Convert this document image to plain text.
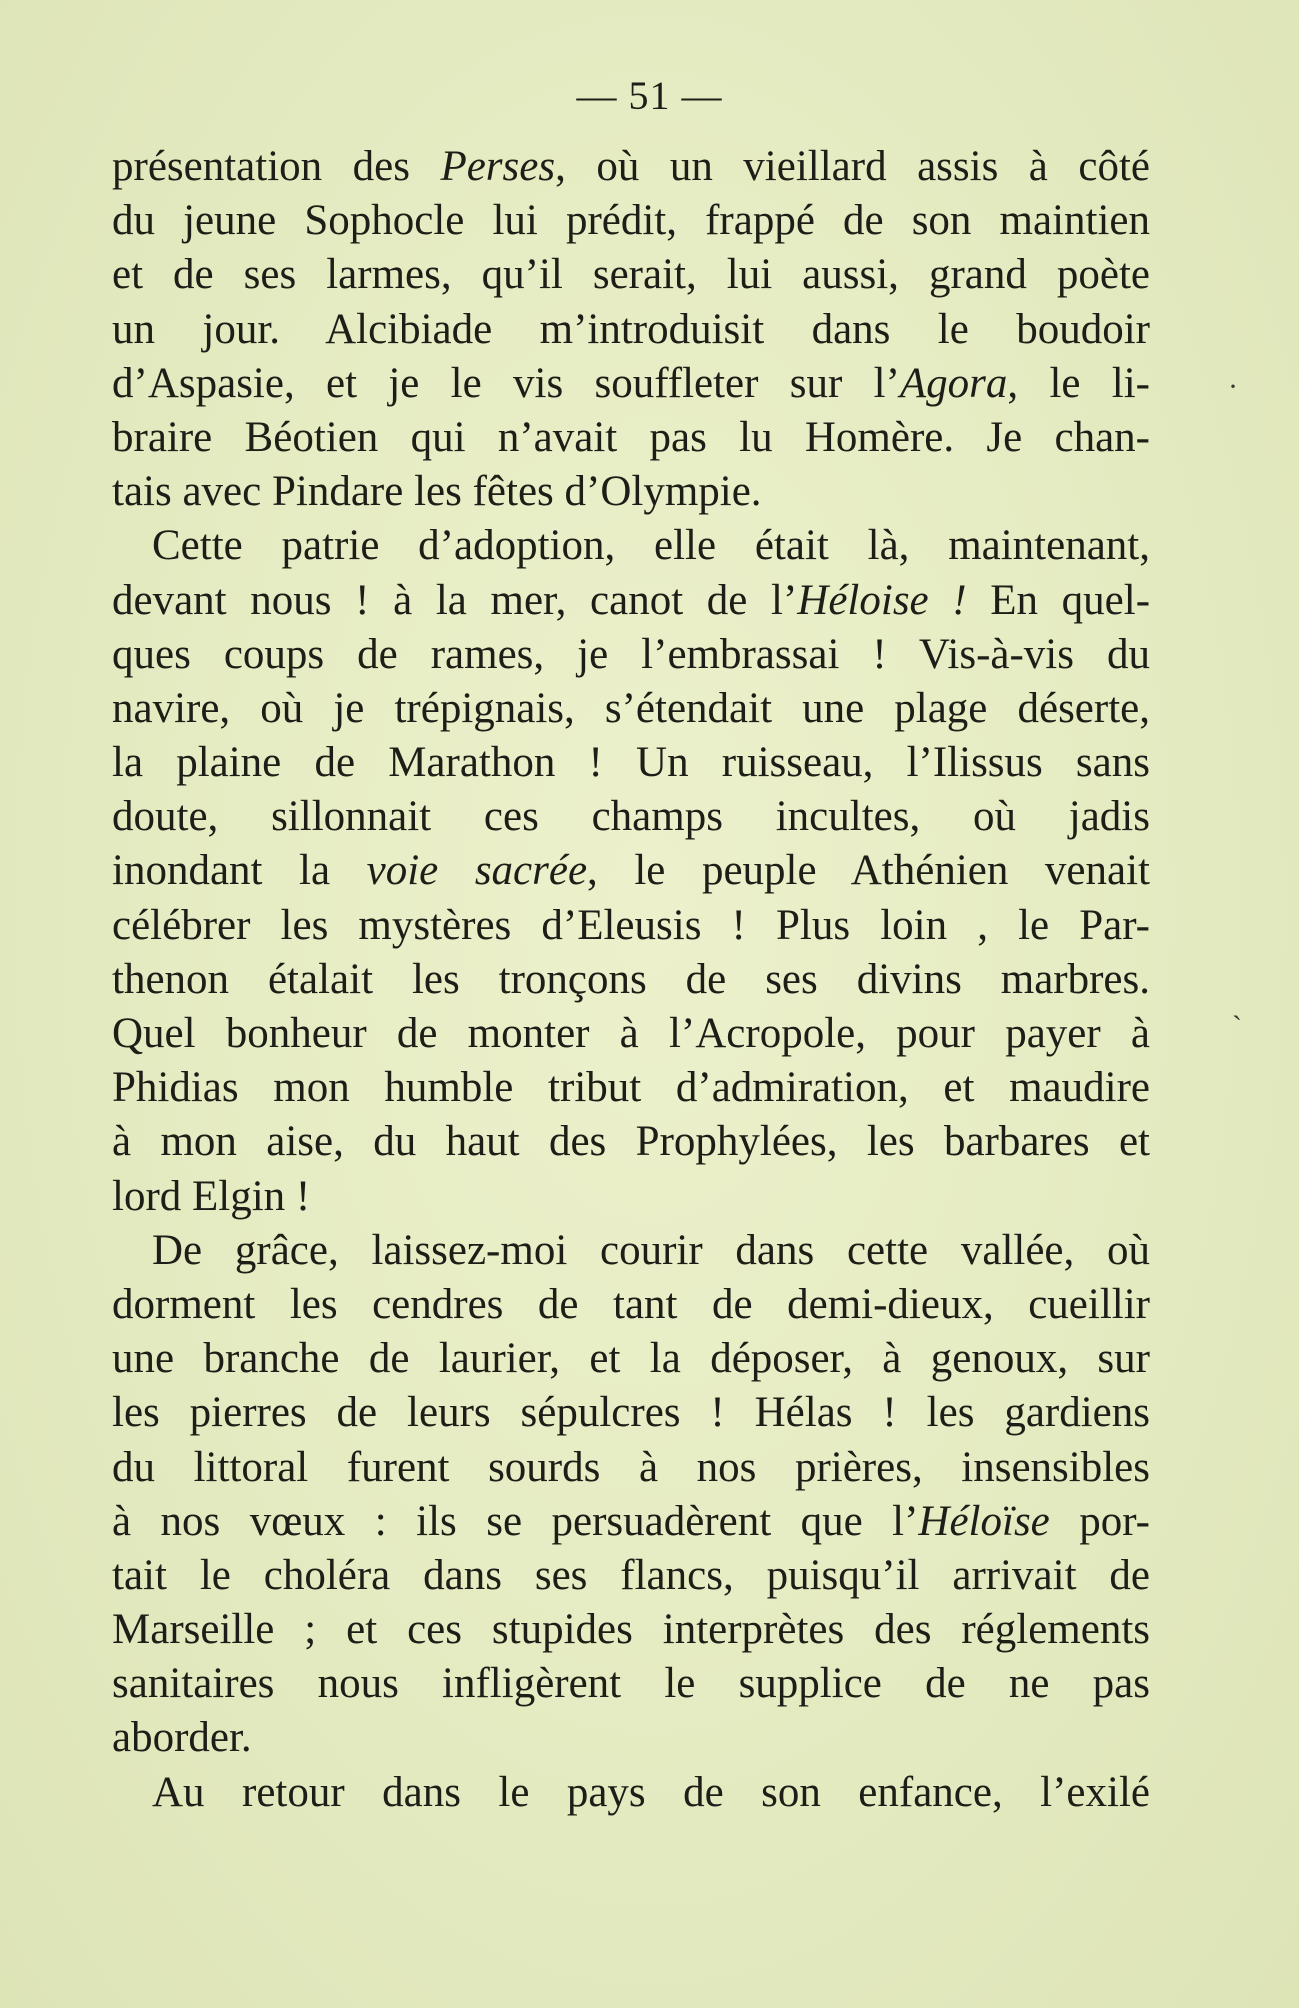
— 51 —
présentation des Perses, où un vieillard assis à côté
du jeune Sophocle lui prédit, frappé de son maintien
et de ses larmes, qu’il serait, lui aussi, grand poète
un jour. Alcibiade m’introduisit dans le boudoir
d’Aspasie, et je le vis souffleter sur l’Agora, le li-
braire Béotien qui n’avait pas lu Homère. Je chan-
tais avec Pindare les fêtes d’Olympie.
Cette patrie d’adoption, elle était là, maintenant,
devant nous ! à la mer, canot de l’Héloise ! En quel-
ques coups de rames, je l’embrassai ! Vis-à-vis du
navire, où je trépignais, s’étendait une plage déserte,
la plaine de Marathon ! Un ruisseau, l’Ilissus sans
doute, sillonnait ces champs incultes, où jadis
inondant la voie sacrée, le peuple Athénien venait
célébrer les mystères d’Eleusis ! Plus loin , le Par-
thenon étalait les tronçons de ses divins marbres.
Quel bonheur de monter à l’Acropole, pour payer à
Phidias mon humble tribut d’admiration, et maudire
à mon aise, du haut des Prophylées, les barbares et
lord Elgin !
De grâce, laissez-moi courir dans cette vallée, où
dorment les cendres de tant de demi-dieux, cueillir
une branche de laurier, et la déposer, à genoux, sur
les pierres de leurs sépulcres ! Hélas ! les gardiens
du littoral furent sourds à nos prières, insensibles
à nos vœux : ils se persuadèrent que l’Héloïse por-
tait le choléra dans ses flancs, puisqu’il arrivait de
Marseille ; et ces stupides interprètes des réglements
sanitaires nous infligèrent le supplice de ne pas
aborder.
Au retour dans le pays de son enfance, l’exilé
·
`
